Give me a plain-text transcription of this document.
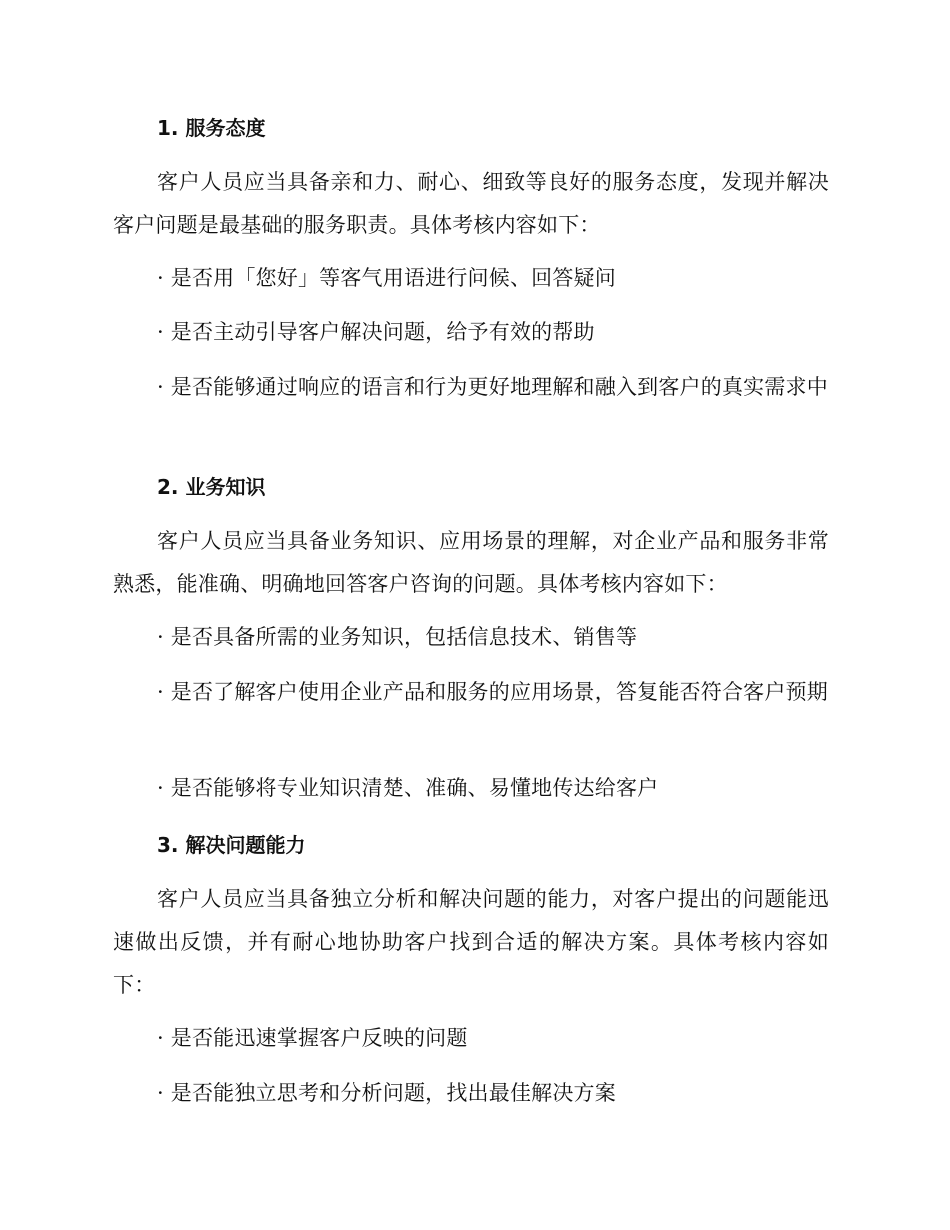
1. 服务态度
客户人员应当具备亲和力、耐心、细致等良好的服务态度，发现并解决客户问题是最基础的服务职责。具体考核内容如下：
· 是否用「您好」等客气用语进行问候、回答疑问
· 是否主动引导客户解决问题，给予有效的帮助
· 是否能够通过响应的语言和行为更好地理解和融入到客户的真实需求中
2. 业务知识
客户人员应当具备业务知识、应用场景的理解，对企业产品和服务非常熟悉，能准确、明确地回答客户咨询的问题。具体考核内容如下：
· 是否具备所需的业务知识，包括信息技术、销售等
· 是否了解客户使用企业产品和服务的应用场景，答复能否符合客户预期
· 是否能够将专业知识清楚、准确、易懂地传达给客户
3. 解决问题能力
客户人员应当具备独立分析和解决问题的能力，对客户提出的问题能迅速做出反馈，并有耐心地协助客户找到合适的解决方案。具体考核内容如下：
· 是否能迅速掌握客户反映的问题
· 是否能独立思考和分析问题，找出最佳解决方案
